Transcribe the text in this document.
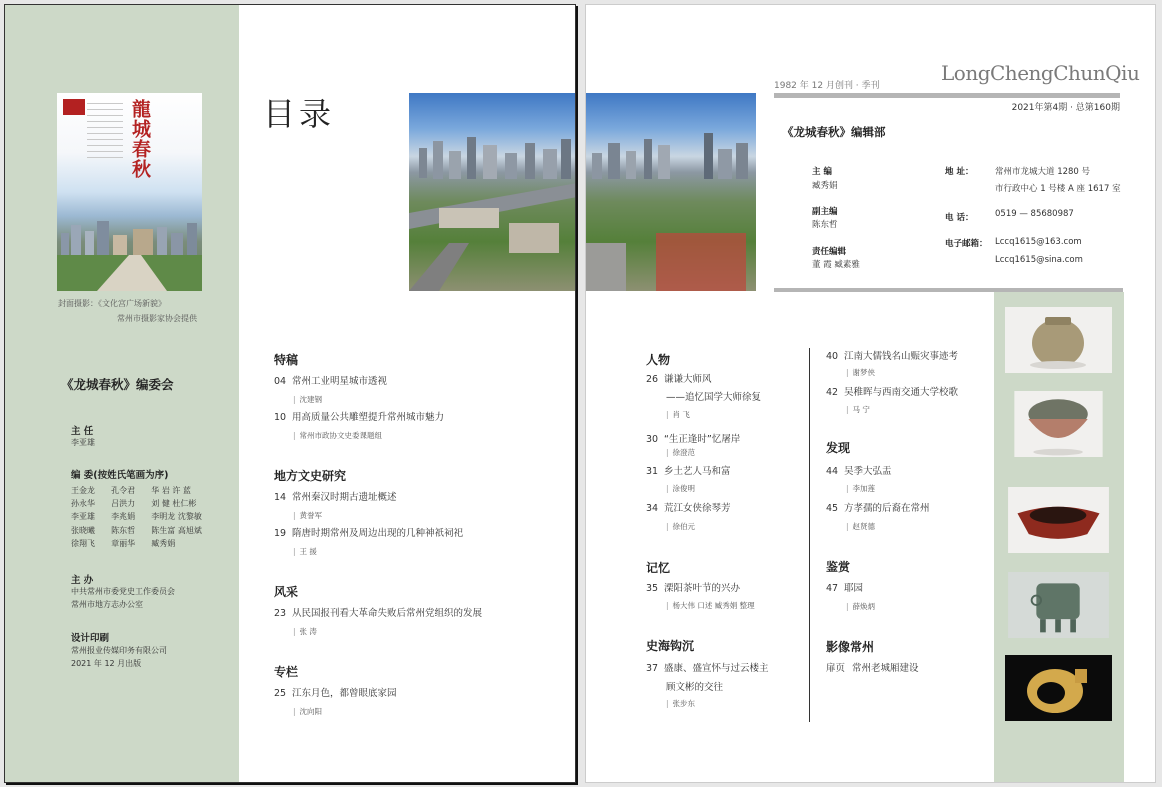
龍城春秋
封面摄影：《文化宫广场新貌》
常州市摄影家协会提供
《龙城春秋》编委会
主 任
李亚雄
编 委(按姓氏笔画为序)
王金龙	孔令君	华 岩 许 蓝
孙永华	吕洪力	刘 健 杜仁彬
李亚雄	李兆娟	李明龙 沈黎敏
张晓曦	陈东哲	陈生富 高旭斌
徐翔飞	章丽华	臧秀娟
主 办
中共常州市委党史工作委员会
常州市地方志办公室
设计印刷
常州报业传媒印务有限公司
2021 年 12 月出版
目录
特稿
04 常州工业明星城市透视
| 沈建钢
10 用高质量公共雕塑提升常州城市魅力
| 常州市政协文史委课题组
地方文史研究
14 常州秦汉时期古遗址概述
| 黄誉军
19 隋唐时期常州及周边出现的几种神祇祠祀
| 王 援
风采
23 从民国报刊看大革命失败后常州党组织的发展
| 张 涛
专栏
25 江东月色，都曾眼底家园
| 沈向阳
1982 年 12 月创刊 · 季刊
LongChengChunQiu
2021年第4期 · 总第160期
《龙城春秋》编辑部
主 编
臧秀娟
副主编
陈东哲
责任编辑
董 霞 臧素雅
地 址：	常州市龙城大道 1280 号
市行政中心 1 号楼 A 座 1617 室
电 话：	0519 — 85680987
电子邮箱： Lccq1615@163.com
Lccq1615@sina.com
人物
26 谦谦大师风
——追忆国学大师徐复
| 肖 飞
30 “生正逢时”忆屠岸
| 徐澄范
31 乡土艺人马和富
| 涂俊明
34 荒江女侠徐琴芳
| 徐伯元
记忆
35 溧阳茶叶节的兴办
| 杨大伟 口述 臧秀娟 整理
史海钩沉
37 盛康、盛宣怀与过云楼主
顾文彬的交往
| 张步东
40 江南大儒钱名山赈灾事迹考
| 谢梦侠
42 吴稚晖与西南交通大学校歌
| 马 宁
发现
44 吴季大弘盂
| 李加莲
45 方孝孺的后裔在常州
| 赵贤德
鉴赏
47 耶园
| 薛焕炳
影像常州
扉页 常州老城厢建设
